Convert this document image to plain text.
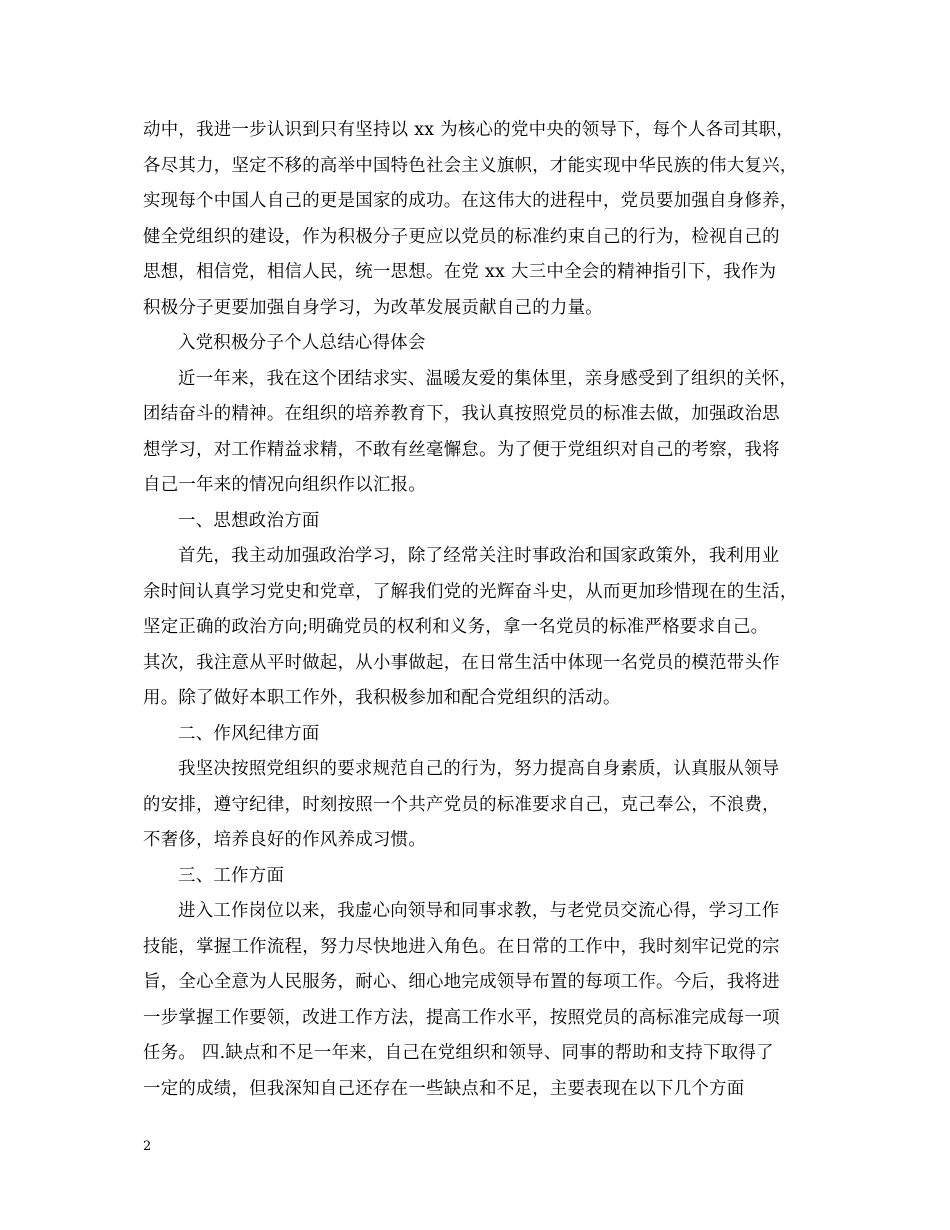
动中，我进一步认识到只有坚持以 xx 为核心的党中央的领导下，每个人各司其职，
各尽其力，坚定不移的高举中国特色社会主义旗帜，才能实现中华民族的伟大复兴，
实现每个中国人自己的更是国家的成功。在这伟大的进程中，党员要加强自身修养，
健全党组织的建设，作为积极分子更应以党员的标准约束自己的行为，检视自己的
思想，相信党，相信人民，统一思想。在党 xx 大三中全会的精神指引下，我作为
积极分子更要加强自身学习，为改革发展贡献自己的力量。
入党积极分子个人总结心得体会
近一年来，我在这个团结求实、温暖友爱的集体里，亲身感受到了组织的关怀，
团结奋斗的精神。在组织的培养教育下，我认真按照党员的标准去做，加强政治思
想学习，对工作精益求精，不敢有丝毫懈怠。为了便于党组织对自己的考察，我将
自己一年来的情况向组织作以汇报。
一、思想政治方面
首先，我主动加强政治学习，除了经常关注时事政治和国家政策外，我利用业
余时间认真学习党史和党章，了解我们党的光辉奋斗史，从而更加珍惜现在的生活，
坚定正确的政治方向;明确党员的权利和义务，拿一名党员的标准严格要求自己。
其次，我注意从平时做起，从小事做起，在日常生活中体现一名党员的模范带头作
用。除了做好本职工作外，我积极参加和配合党组织的活动。
二、作风纪律方面
我坚决按照党组织的要求规范自己的行为，努力提高自身素质，认真服从领导
的安排，遵守纪律，时刻按照一个共产党员的标准要求自己，克己奉公，不浪费，
不奢侈，培养良好的作风养成习惯。
三、工作方面
进入工作岗位以来，我虚心向领导和同事求教，与老党员交流心得，学习工作
技能，掌握工作流程，努力尽快地进入角色。在日常的工作中，我时刻牢记党的宗
旨，全心全意为人民服务，耐心、细心地完成领导布置的每项工作。今后，我将进
一步掌握工作要领，改进工作方法，提高工作水平，按照党员的高标准完成每一项
任务。 四.缺点和不足一年来，自己在党组织和领导、同事的帮助和支持下取得了
一定的成绩，但我深知自己还存在一些缺点和不足，主要表现在以下几个方面
2
